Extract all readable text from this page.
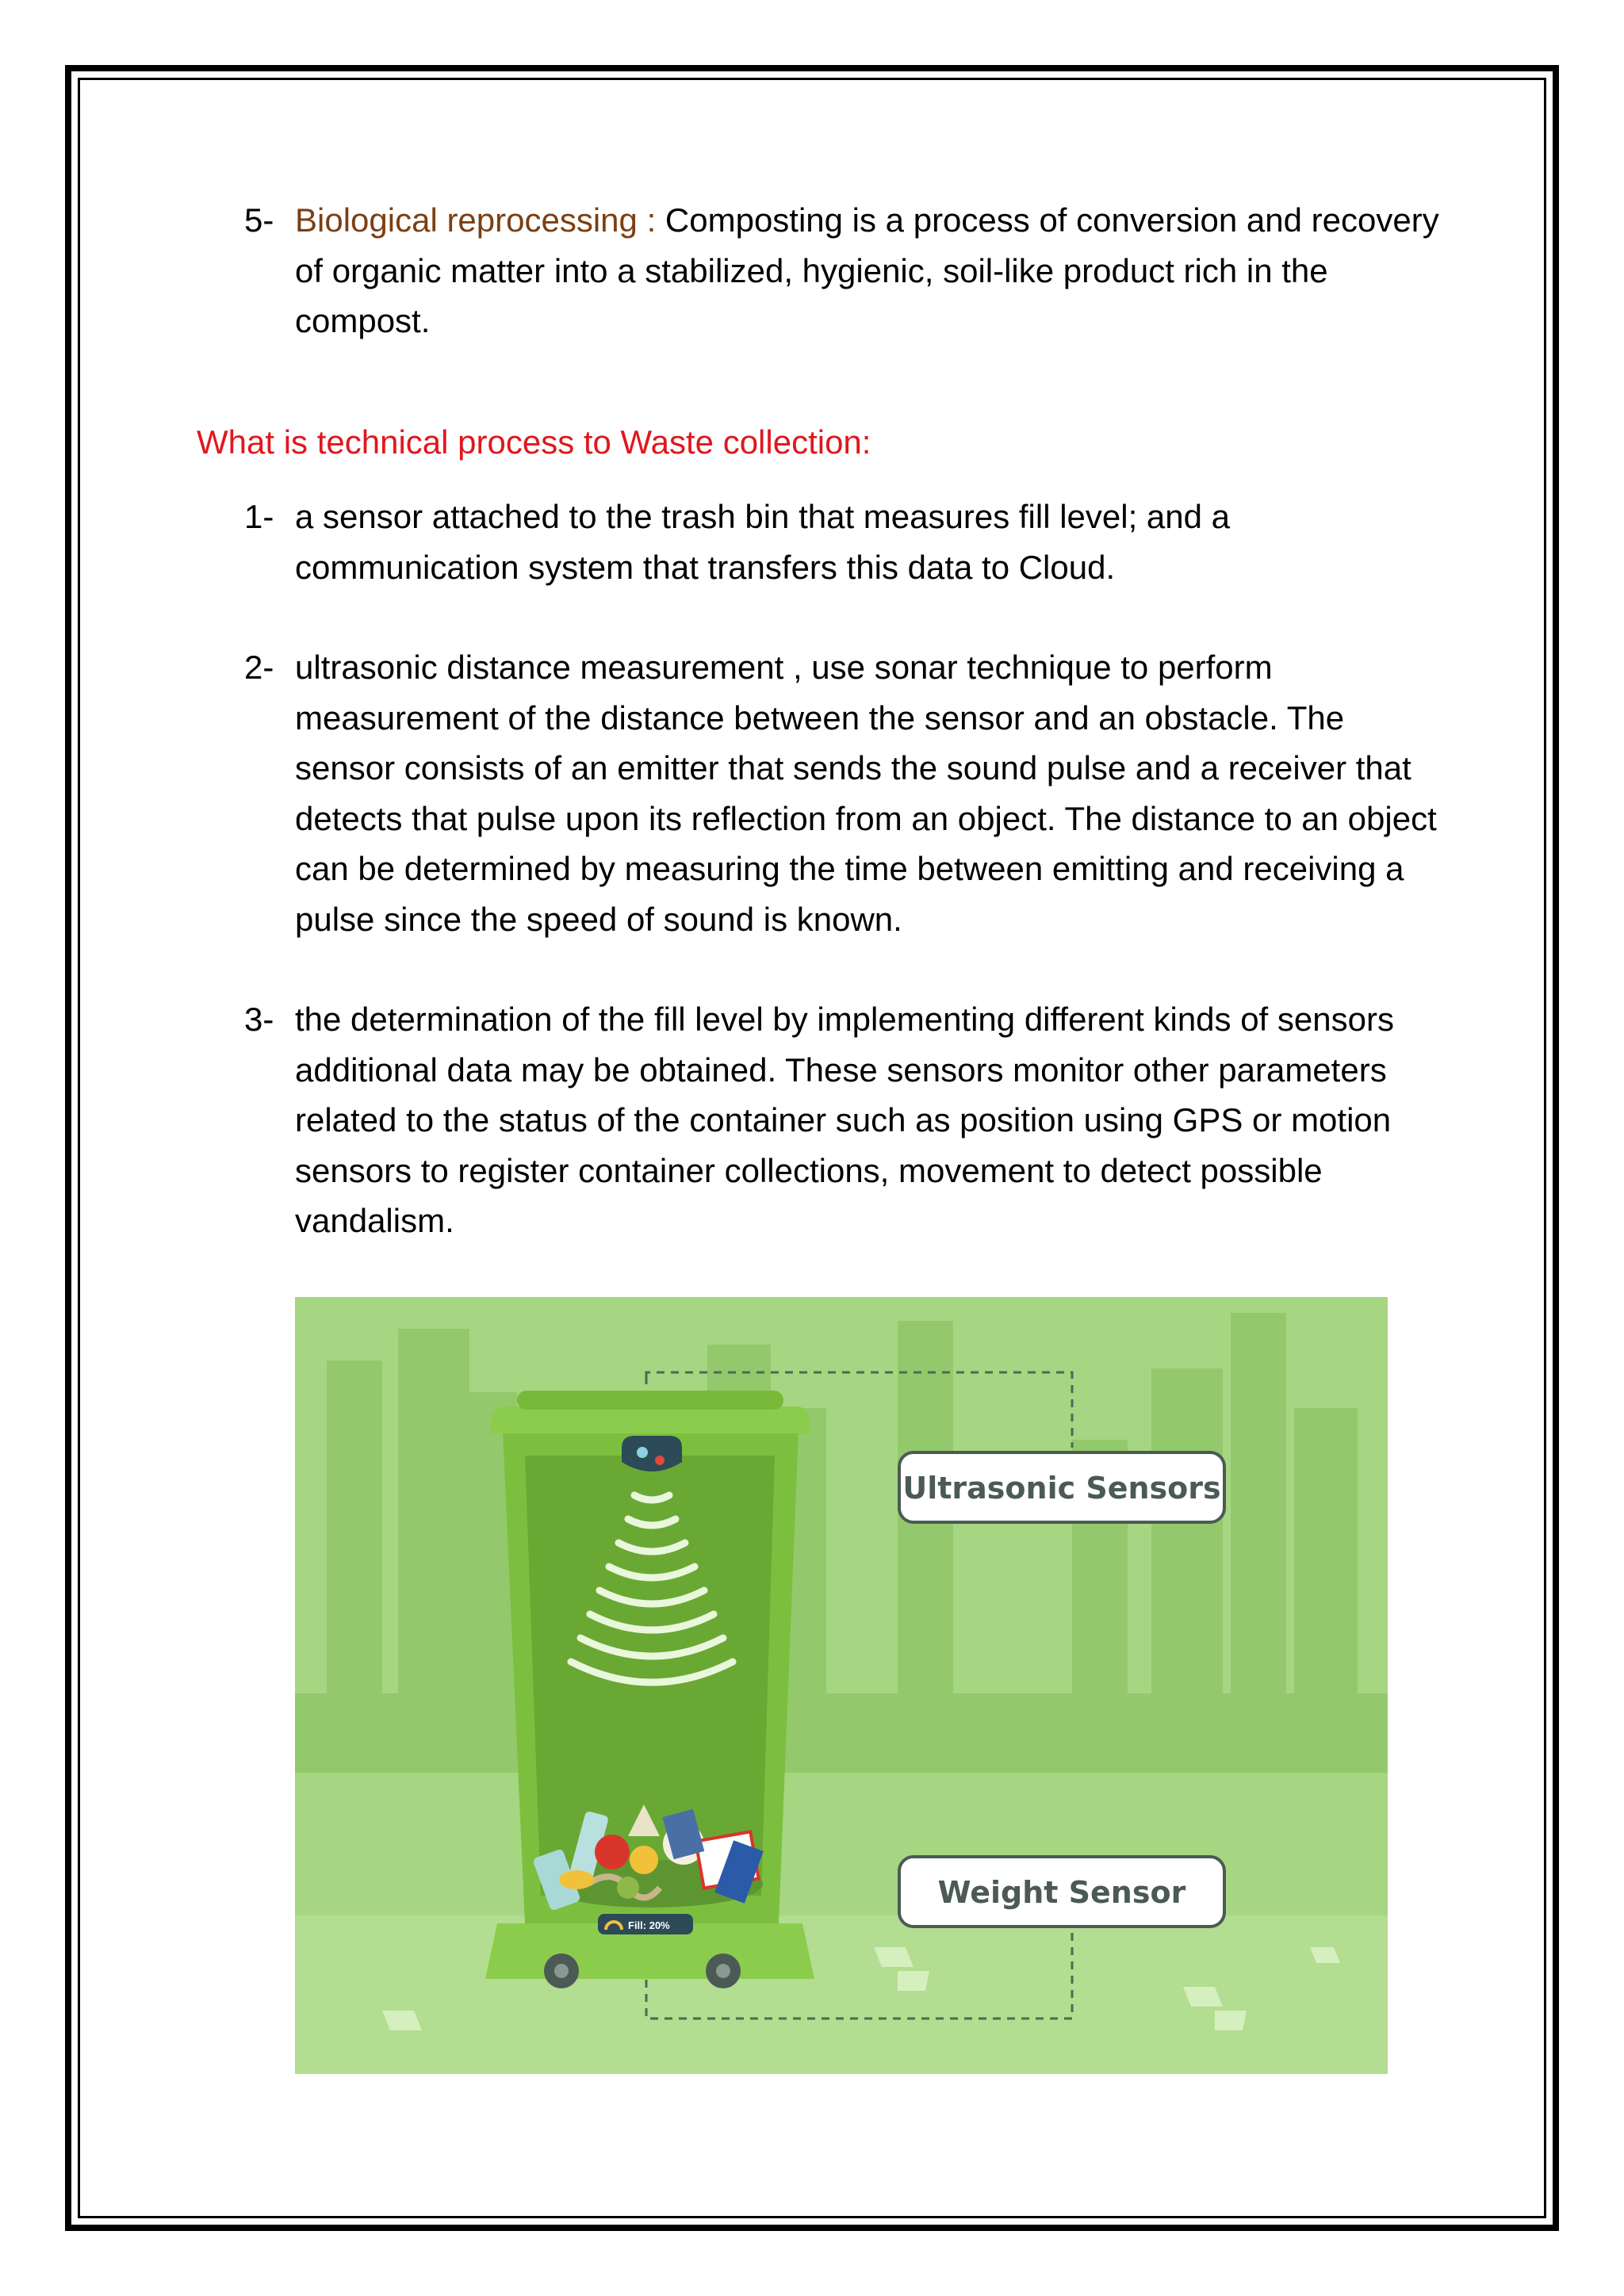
5- Biological reprocessing : Composting is a process of conversion and recovery of organic matter into a stabilized, hygienic, soil-like product rich in the compost.
What is technical process to Waste collection:
1- a sensor attached to the trash bin that measures fill level; and a communication system that transfers this data to Cloud.
2- ultrasonic distance measurement , use sonar technique to perform measurement of the distance between the sensor and an obstacle. The sensor consists of an emitter that sends the sound pulse and a receiver that detects that pulse upon its reflection from an object. The distance to an object can be determined by measuring the time between emitting and receiving a pulse since the speed of sound is known.
3- the determination of the fill level by implementing different kinds of sensors additional data may be obtained. These sensors monitor other parameters related to the status of the container such as position using GPS or motion sensors to register container collections, movement to detect possible vandalism.
Fill: 20%
Ultrasonic Sensors
Weight Sensor
